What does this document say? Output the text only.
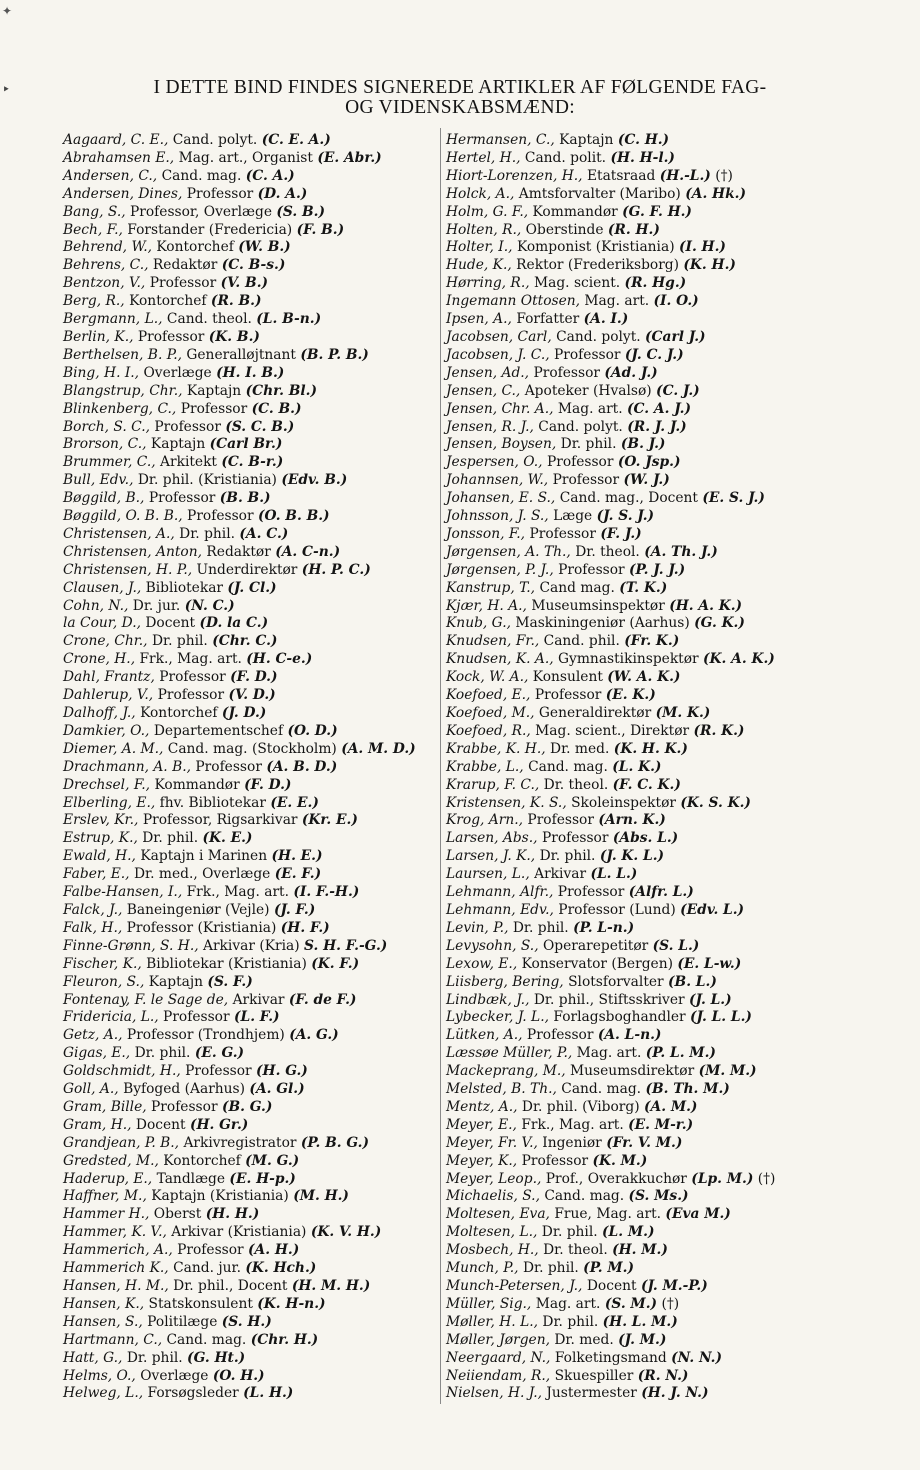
✦
‣	I DETTE BIND FINDES SIGNEREDE ARTIKLER AF FØLGENDE FAG-
OG VIDENSKABSMÆND:
Aagaard, C. E., Cand. polyt. (C. E. A.)
Abrahamsen E., Mag. art., Organist (E. Abr.)
Andersen, C., Cand. mag. (C. A.)
Andersen, Dines, Professor (D. A.)
Bang, S., Professor, Overlæge (S. B.)
Bech, F., Forstander (Fredericia) (F. B.)
Behrend, W., Kontorchef (W. B.)
Behrens, C., Redaktør (C. B-s.)
Bentzon, V., Professor (V. B.)
Berg, R., Kontorchef (R. B.)
Bergmann, L., Cand. theol. (L. B-n.)
Berlin, K., Professor (K. B.)
Berthelsen, B. P., Generalløjtnant (B. P. B.)
Bing, H. I., Overlæge (H. I. B.)
Blangstrup, Chr., Kaptajn (Chr. Bl.)
Blinkenberg, C., Professor (C. B.)
Borch, S. C., Professor (S. C. B.)
Brorson, C., Kaptajn (Carl Br.)
Brummer, C., Arkitekt (C. B-r.)
Bull, Edv., Dr. phil. (Kristiania) (Edv. B.)
Bøggild, B., Professor (B. B.)
Bøggild, O. B. B., Professor (O. B. B.)
Christensen, A., Dr. phil. (A. C.)
Christensen, Anton, Redaktør (A. C-n.)
Christensen, H. P., Underdirektør (H. P. C.)
Clausen, J., Bibliotekar (J. Cl.)
Cohn, N., Dr. jur. (N. C.)
la Cour, D., Docent (D. la C.)
Crone, Chr., Dr. phil. (Chr. C.)
Crone, H., Frk., Mag. art. (H. C-e.)
Dahl, Frantz, Professor (F. D.)
Dahlerup, V., Professor (V. D.)
Dalhoff, J., Kontorchef (J. D.)
Damkier, O., Departementschef (O. D.)
Diemer, A. M., Cand. mag. (Stockholm) (A. M. D.)
Drachmann, A. B., Professor (A. B. D.)
Drechsel, F., Kommandør (F. D.)
Elberling, E., fhv. Bibliotekar (E. E.)
Erslev, Kr., Professor, Rigsarkivar (Kr. E.)
Estrup, K., Dr. phil. (K. E.)
Ewald, H., Kaptajn i Marinen (H. E.)
Faber, E., Dr. med., Overlæge (E. F.)
Falbe-Hansen, I., Frk., Mag. art. (I. F.-H.)
Falck, J., Baneingeniør (Vejle) (J. F.)
Falk, H., Professor (Kristiania) (H. F.)
Finne-Grønn, S. H., Arkivar (Kria) S. H. F.-G.)
Fischer, K., Bibliotekar (Kristiania) (K. F.)
Fleuron, S., Kaptajn (S. F.)
Fontenay, F. le Sage de, Arkivar (F. de F.)
Fridericia, L., Professor (L. F.)
Getz, A., Professor (Trondhjem) (A. G.)
Gigas, E., Dr. phil. (E. G.)
Goldschmidt, H., Professor (H. G.)
Goll, A., Byfoged (Aarhus) (A. Gl.)
Gram, Bille, Professor (B. G.)
Gram, H., Docent (H. Gr.)
Grandjean, P. B., Arkivregistrator (P. B. G.)
Gredsted, M., Kontorchef (M. G.)
Haderup, E., Tandlæge (E. H-p.)
Haffner, M., Kaptajn (Kristiania) (M. H.)
Hammer H., Oberst (H. H.)
Hammer, K. V., Arkivar (Kristiania) (K. V. H.)
Hammerich, A., Professor (A. H.)
Hammerich K., Cand. jur. (K. Hch.)
Hansen, H. M., Dr. phil., Docent (H. M. H.)
Hansen, K., Statskonsulent (K. H-n.)
Hansen, S., Politilæge (S. H.)
Hartmann, C., Cand. mag. (Chr. H.)
Hatt, G., Dr. phil. (G. Ht.)
Helms, O., Overlæge (O. H.)
Helweg, L., Forsøgsleder (L. H.)
Hermansen, C., Kaptajn (C. H.)
Hertel, H., Cand. polit. (H. H-l.)
Hiort-Lorenzen, H., Etatsraad (H.-L.) (†)
Holck, A., Amtsforvalter (Maribo) (A. Hk.)
Holm, G. F., Kommandør (G. F. H.)
Holten, R., Oberstinde (R. H.)
Holter, I., Komponist (Kristiania) (I. H.)
Hude, K., Rektor (Frederiksborg) (K. H.)
Hørring, R., Mag. scient. (R. Hg.)
Ingemann Ottosen, Mag. art. (I. O.)
Ipsen, A., Forfatter (A. I.)
Jacobsen, Carl, Cand. polyt. (Carl J.)
Jacobsen, J. C., Professor (J. C. J.)
Jensen, Ad., Professor (Ad. J.)
Jensen, C., Apoteker (Hvalsø) (C. J.)
Jensen, Chr. A., Mag. art. (C. A. J.)
Jensen, R. J., Cand. polyt. (R. J. J.)
Jensen, Boysen, Dr. phil. (B. J.)
Jespersen, O., Professor (O. Jsp.)
Johannsen, W., Professor (W. J.)
Johansen, E. S., Cand. mag., Docent (E. S. J.)
Johnsson, J. S., Læge (J. S. J.)
Jonsson, F., Professor (F. J.)
Jørgensen, A. Th., Dr. theol. (A. Th. J.)
Jørgensen, P. J., Professor (P. J. J.)
Kanstrup, T., Cand mag. (T. K.)
Kjær, H. A., Museumsinspektør (H. A. K.)
Knub, G., Maskiningeniør (Aarhus) (G. K.)
Knudsen, Fr., Cand. phil. (Fr. K.)
Knudsen, K. A., Gymnastikinspektør (K. A. K.)
Kock, W. A., Konsulent (W. A. K.)
Koefoed, E., Professor (E. K.)
Koefoed, M., Generaldirektør (M. K.)
Koefoed, R., Mag. scient., Direktør (R. K.)
Krabbe, K. H., Dr. med. (K. H. K.)
Krabbe, L., Cand. mag. (L. K.)
Krarup, F. C., Dr. theol. (F. C. K.)
Kristensen, K. S., Skoleinspektør (K. S. K.)
Krog, Arn., Professor (Arn. K.)
Larsen, Abs., Professor (Abs. L.)
Larsen, J. K., Dr. phil. (J. K. L.)
Laursen, L., Arkivar (L. L.)
Lehmann, Alfr., Professor (Alfr. L.)
Lehmann, Edv., Professor (Lund) (Edv. L.)
Levin, P., Dr. phil. (P. L-n.)
Levysohn, S., Operarepetitør (S. L.)
Lexow, E., Konservator (Bergen) (E. L-w.)
Liisberg, Bering, Slotsforvalter (B. L.)
Lindbæk, J., Dr. phil., Stiftsskriver (J. L.)
Lybecker, J. L., Forlagsboghandler (J. L. L.)
Lütken, A., Professor (A. L-n.)
Læssøe Müller, P., Mag. art. (P. L. M.)
Mackeprang, M., Museumsdirektør (M. M.)
Melsted, B. Th., Cand. mag. (B. Th. M.)
Mentz, A., Dr. phil. (Viborg) (A. M.)
Meyer, E., Frk., Mag. art. (E. M-r.)
Meyer, Fr. V., Ingeniør (Fr. V. M.)
Meyer, K., Professor (K. M.)
Meyer, Leop., Prof., Overakkuchør (Lp. M.) (†)
Michaelis, S., Cand. mag. (S. Ms.)
Moltesen, Eva, Frue, Mag. art. (Eva M.)
Moltesen, L., Dr. phil. (L. M.)
Mosbech, H., Dr. theol. (H. M.)
Munch, P., Dr. phil. (P. M.)
Munch-Petersen, J., Docent (J. M.-P.)
Müller, Sig., Mag. art. (S. M.) (†)
Møller, H. L., Dr. phil. (H. L. M.)
Møller, Jørgen, Dr. med. (J. M.)
Neergaard, N., Folketingsmand (N. N.)
Neiiendam, R., Skuespiller (R. N.)
Nielsen, H. J., Justermester (H. J. N.)
